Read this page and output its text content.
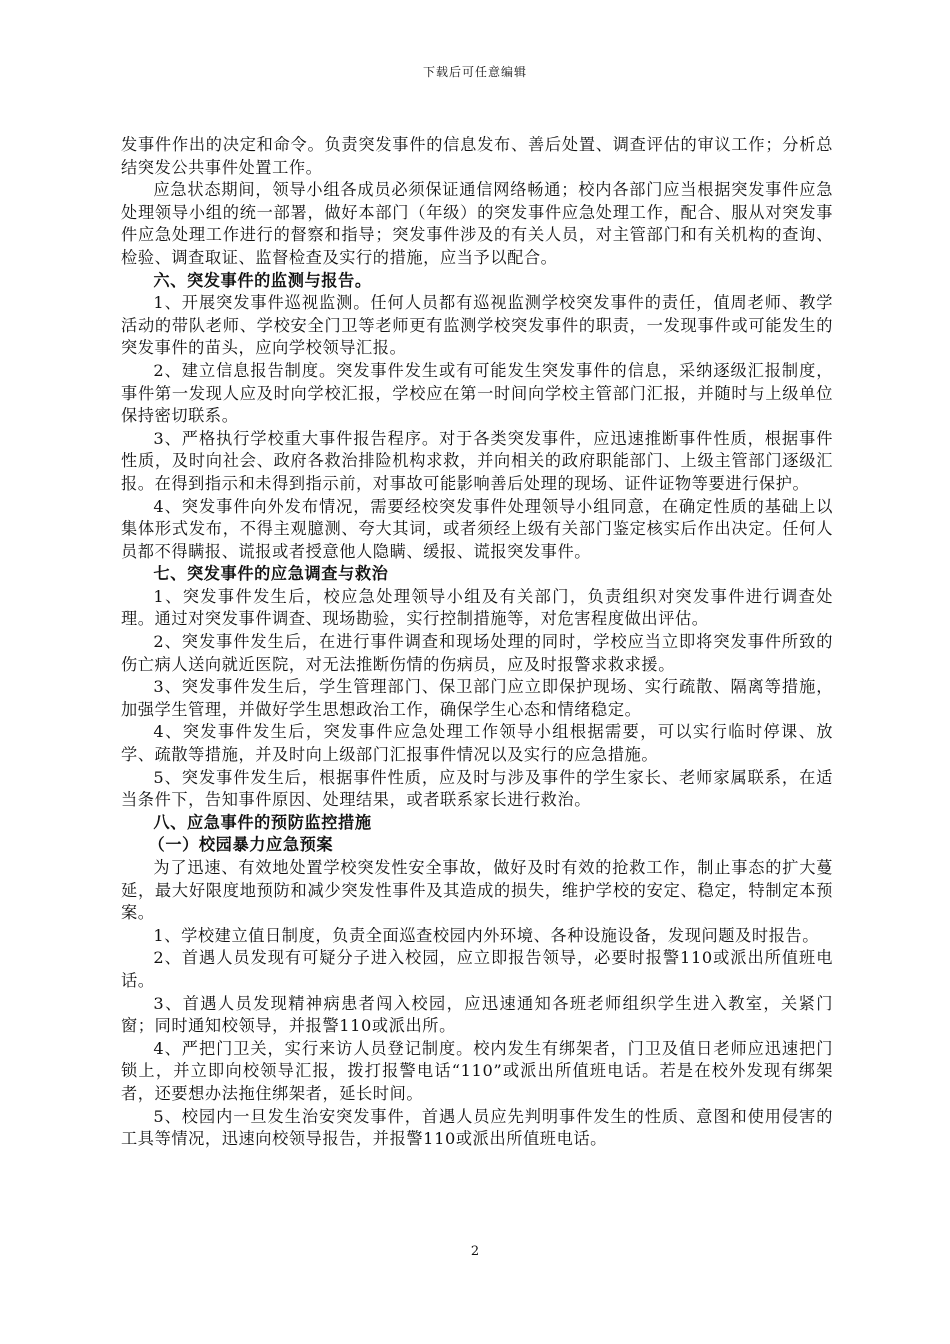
下载后可任意编辑

发事件作出的决定和命令。负责突发事件的信息发布、善后处置、调查评估的审议工作；分析总结突发公共事件处置工作。

应急状态期间，领导小组各成员必须保证通信网络畅通；校内各部门应当根据突发事件应急处理领导小组的统一部署，做好本部门（年级）的突发事件应急处理工作，配合、服从对突发事件应急处理工作进行的督察和指导；突发事件涉及的有关人员，对主管部门和有关机构的查询、检验、调查取证、监督检查及实行的措施，应当予以配合。

六、突发事件的监测与报告。

1、开展突发事件巡视监测。任何人员都有巡视监测学校突发事件的责任，值周老师、教学活动的带队老师、学校安全门卫等老师更有监测学校突发事件的职责，一发现事件或可能发生的突发事件的苗头，应向学校领导汇报。

2、建立信息报告制度。突发事件发生或有可能发生突发事件的信息，采纳逐级汇报制度，事件第一发现人应及时向学校汇报，学校应在第一时间向学校主管部门汇报，并随时与上级单位保持密切联系。

3、严格执行学校重大事件报告程序。对于各类突发事件，应迅速推断事件性质，根据事件性质，及时向社会、政府各救治排险机构求救，并向相关的政府职能部门、上级主管部门逐级汇报。在得到指示和未得到指示前，对事故可能影响善后处理的现场、证件证物等要进行保护。

4、突发事件向外发布情况，需要经校突发事件处理领导小组同意，在确定性质的基础上以集体形式发布，不得主观臆测、夸大其词，或者须经上级有关部门鉴定核实后作出决定。任何人员都不得瞒报、谎报或者授意他人隐瞒、缓报、谎报突发事件。

七、突发事件的应急调查与救治

1、突发事件发生后，校应急处理领导小组及有关部门，负责组织对突发事件进行调查处理。通过对突发事件调查、现场勘验，实行控制措施等，对危害程度做出评估。

2、突发事件发生后，在进行事件调查和现场处理的同时，学校应当立即将突发事件所致的伤亡病人送向就近医院，对无法推断伤情的伤病员，应及时报警求救求援。

3、突发事件发生后，学生管理部门、保卫部门应立即保护现场、实行疏散、隔离等措施，加强学生管理，并做好学生思想政治工作，确保学生心态和情绪稳定。

4、突发事件发生后，突发事件应急处理工作领导小组根据需要，可以实行临时停课、放学、疏散等措施，并及时向上级部门汇报事件情况以及实行的应急措施。

5、突发事件发生后，根据事件性质，应及时与涉及事件的学生家长、老师家属联系，在适当条件下，告知事件原因、处理结果，或者联系家长进行救治。

八、应急事件的预防监控措施

（一）校园暴力应急预案

为了迅速、有效地处置学校突发性安全事故，做好及时有效的抢救工作，制止事态的扩大蔓延，最大好限度地预防和减少突发性事件及其造成的损失，维护学校的安定、稳定，特制定本预案。

1、学校建立值日制度，负责全面巡查校园内外环境、各种设施设备，发现问题及时报告。

2、首遇人员发现有可疑分子进入校园，应立即报告领导，必要时报警110或派出所值班电话。

3、首遇人员发现精神病患者闯入校园，应迅速通知各班老师组织学生进入教室，关紧门窗；同时通知校领导，并报警110或派出所。

4、严把门卫关，实行来访人员登记制度。校内发生有绑架者，门卫及值日老师应迅速把门锁上，并立即向校领导汇报，拨打报警电话“110”或派出所值班电话。若是在校外发现有绑架者，还要想办法拖住绑架者，延长时间。

5、校园内一旦发生治安突发事件，首遇人员应先判明事件发生的性质、意图和使用侵害的工具等情况，迅速向校领导报告，并报警110或派出所值班电话。

2
